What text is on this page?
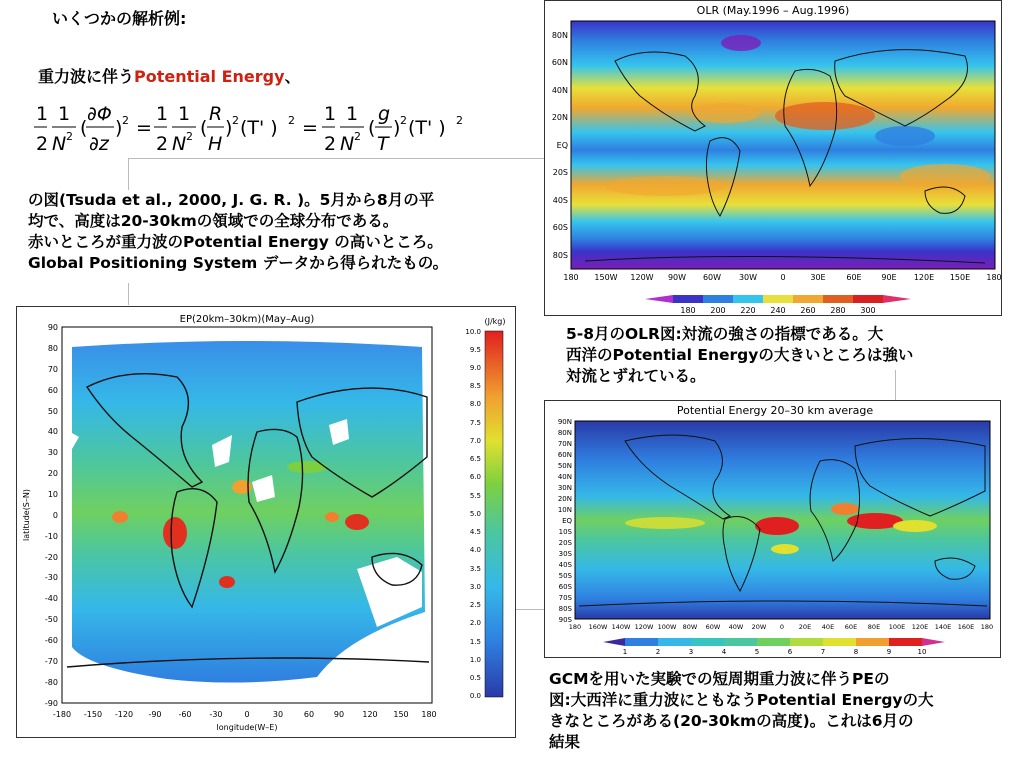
いくつかの解析例:
重力波に伴うPotential Energy、
1
2
1
N 2 (
∂Φ
∂z
) 2 =
1
2
1
N 2 (
R
H
) 2 (T' ) 2 =
1
2
1
N 2 (
g
T
) 2 (T' ) 2
の図(Tsuda et al., 2000, J. G. R. )。5月から8月の平
均で、高度は20-30kmの領域での全球分布である。
赤いところが重力波のPotential Energy の高いところ。
Global Positioning System データから得られたもの。
OLR (May.1996 – Aug.1996)
80N
60N
40N
20N
EQ
20S
40S
60S
80S
180 150W 120W 90W 60W 30W	0	30E	60E 90E 120E 150E 180
180 200 220 240 260 280 300
5-8月のOLR図:対流の強さの指標である。大
西洋のPotential Energyの大きいところは強い
対流とずれている。
EP(20km–30km)(May–Aug)
90
80
70
60
50
40
30
20
10
0
-10
-20
-30
-40
-50
-60
-70
-80
-90
latitude(S–N)
-180 -150 -120 -90 -60 -30	0	30	60 90 120 150 180
longitude(W–E)
(J/kg)
10.0
9.5
9.0
8.5
8.0
7.5
7.0
6.5
6.0
5.5
5.0
4.5
4.0
3.5
3.0
2.5
2.0
1.5
1.0
0.5
0.0
Potential Energy 20–30 km average
90N
80N
70N
60N
50N
40N
30N
20N
10N
EQ
10S
20S
30S
40S
50S
60S
70S
80S
90S
180 160W 140W 120W 100W 80W 60W 40W 20W 0 20E 40E 60E 80E 100E 120E 140E 160E 180
1	2	3	4	5	6	7	8	9	10
GCMを用いた実験での短周期重力波に伴うPEの
図:大西洋に重力波にともなうPotential Energyの大
きなところがある(20-30kmの高度)。これは6月の
結果
